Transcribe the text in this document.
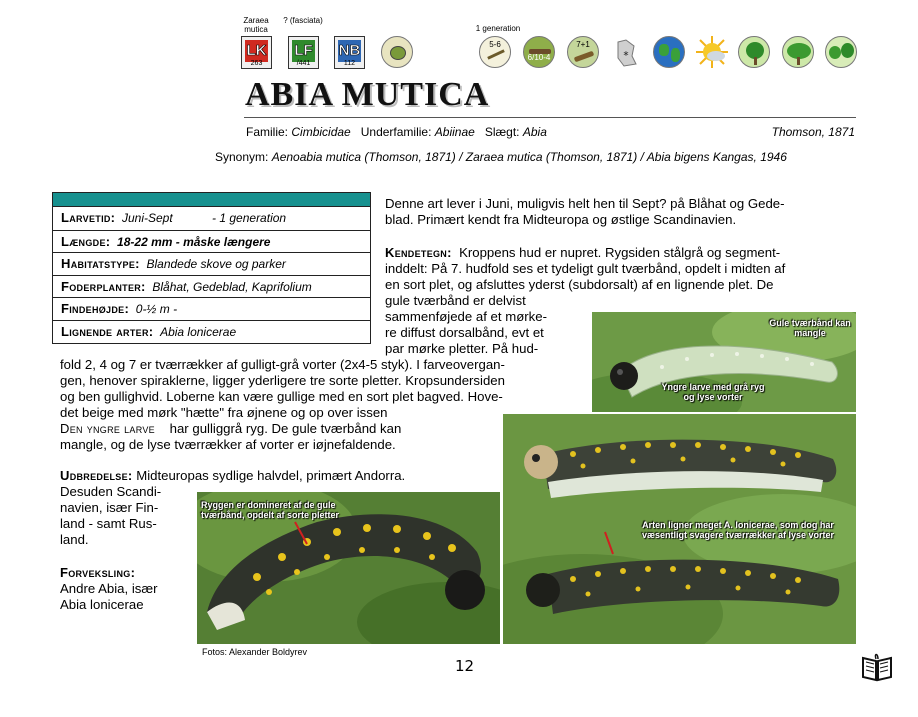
Zaraea mutica
LK
263
? (fasciata)
LF
/441
NB
112
1 generation
5-6
6/10-4
7+1
∗
ABIA MUTICA
Familie: Cimbicidae Underfamilie: Abiinae Slægt: Abia	Thomson, 1871
Synonym: Aenoabia mutica (Thomson, 1871) / Zaraea mutica (Thomson, 1871) / Abia bigens Kangas, 1946
Larvetid: Juni-Sept	- 1 generation
Længde: 18-22 mm - måske længere
Habitatstype: Blandede skove og parker
Foderplanter: Blåhat, Gedeblad, Kaprifolium
Findehøjde: 0-½ m -
Lignende arter: Abia lonicerae
Denne art lever i Juni, muligvis helt hen til Sept? på Blåhat og Gede-
blad. Primært kendt fra Midteuropa og østlige Scandinavien.
Kendetegn: Kroppens hud er nupret. Rygsiden stålgrå og segment-
inddelt: På 7. hudfold ses et tydeligt gult tværbånd, opdelt i midten af
en sort plet, og afsluttes yderst (subdorsalt) af en lignende plet. De
gule tværbånd er delvist
sammenføjede af et mørke-
re diffust dorsalbånd, evt et
par mørke pletter. På hud-
fold 2, 4 og 7 er tværrækker af gulligt-grå vorter (2x4-5 styk). I farveovergan-
gen, henover spiraklerne, ligger yderligere tre sorte pletter. Kropsundersiden
og ben gullighvid. Loberne kan være gullige med en sort plet bagved. Hove-
det beige med mørk "hætte" fra øjnene og op over issen
Den yngre larve har gulliggrå ryg. De gule tværbånd kan
mangle, og de lyse tværrækker af vorter er iøjnefaldende.
Udbredelse: Midteuropas sydlige halvdel, primært Andorra.
Desuden Scandi-
navien, især Fin-
land - samt Rus-
land.
Forveksling:
Andre Abia, især
Abia lonicerae
Gule tværbånd kan mangle
Yngre larve med grå ryg og lyse vorter
Arten ligner meget A. lonicerae, som dog har væsentligt svagere tværrækker af lyse vorter
Ryggen er domineret af de gule tværbånd, opdelt af sorte pletter
Fotos: Alexander Boldyrev
12
